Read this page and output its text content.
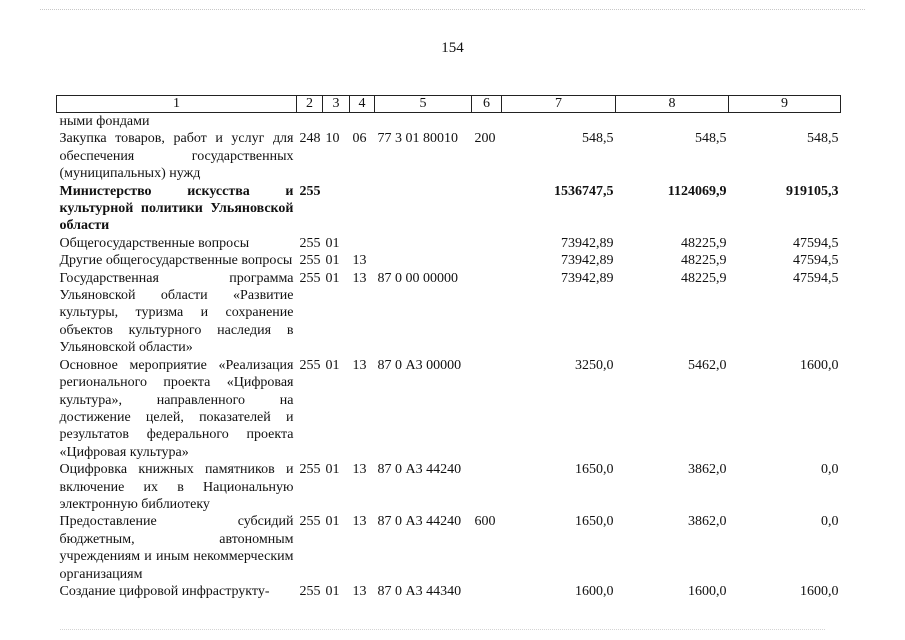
154
1	2	3	4	5	6	7	8	9
ными фондами								
Закупка товаров, работ и услуг для обеспечения государственных (муниципальных) нужд	248	10	06	77 3 01 80010	200	548,5	548,5	548,5
Министерство искусства и культурной политики Ульяновской области	255					1536747,5	1124069,9	919105,3
Общегосударственные вопросы	255	01				73942,89	48225,9	47594,5
Другие общегосударственные вопросы	255	01	13			73942,89	48225,9	47594,5
Государственная программа Ульяновской области «Развитие культуры, туризма и сохранение объектов культурного наследия в Ульяновской области»	255	01	13	87 0 00 00000		73942,89	48225,9	47594,5
Основное мероприятие «Реализация регионального проекта «Цифровая культура», направленного на достижение целей, показателей и результатов федерального проекта «Цифровая культура»	255	01	13	87 0 А3 00000		3250,0	5462,0	1600,0
Оцифровка книжных памятников и включение их в Национальную электронную библиотеку	255	01	13	87 0 А3 44240		1650,0	3862,0	0,0
Предоставление субсидий бюджетным, автономным учреждениям и иным некоммерческим организациям	255	01	13	87 0 А3 44240	600	1650,0	3862,0	0,0
Создание цифровой инфраструкту-	255	01	13	87 0 А3 44340		1600,0	1600,0	1600,0
